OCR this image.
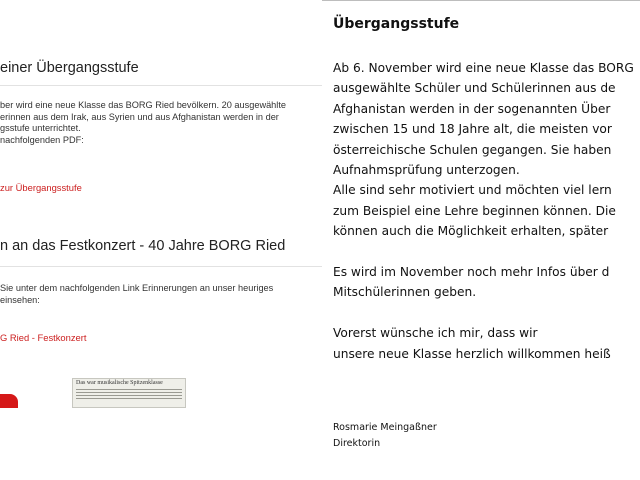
einer Übergangsstufe
ber wird eine neue Klasse das BORG Ried bevölkern. 20 ausgewählte
erinnen aus dem Irak, aus Syrien und aus Afghanistan werden in der
gsstufe unterrichtet.
nachfolgenden PDF:
zur Übergangsstufe
n an das Festkonzert - 40 Jahre BORG Ried
Sie unter dem nachfolgenden Link Erinnerungen an unser heuriges
einsehen:
G Ried - Festkonzert
Das war musikalische Spitzenklasse
Übergangsstufe
Ab 6. November wird eine neue Klasse das BORG
ausgewählte Schüler und Schülerinnen aus de
Afghanistan werden in der sogenannten Über
zwischen 15 und 18 Jahre alt, die meisten vor
österreichische Schulen gegangen. Sie haben
Aufnahmsprüfung unterzogen.
Alle sind sehr motiviert und möchten viel lern
zum Beispiel eine Lehre beginnen können. Die
können auch die Möglichkeit erhalten, später
Es wird im November noch mehr Infos über d
Mitschülerinnen geben.
Vorerst wünsche ich mir, dass wir
unsere neue Klasse herzlich willkommen heiß
Rosmarie Meingaßner
Direktorin
